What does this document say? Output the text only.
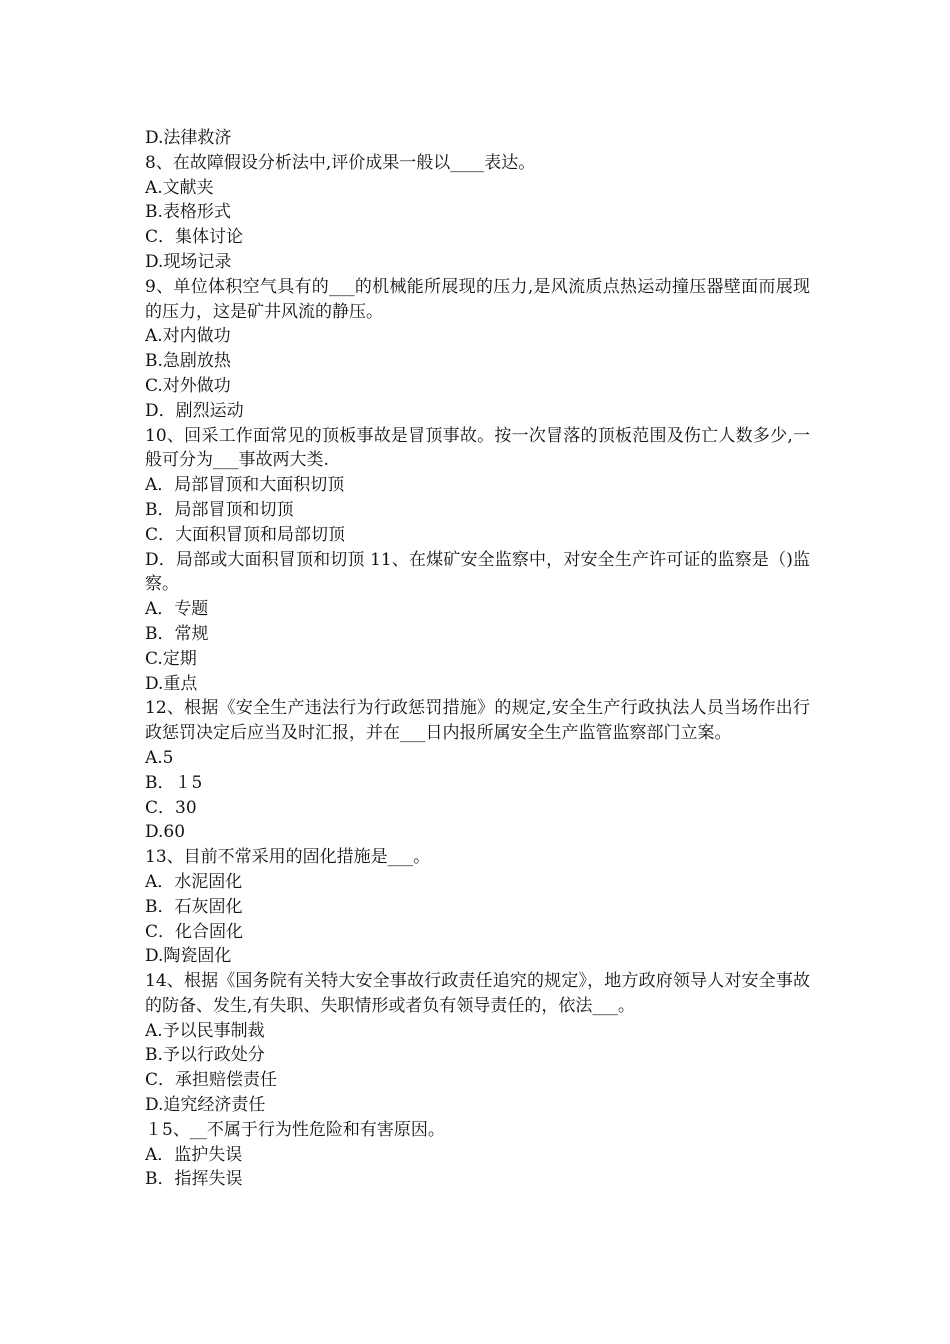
D.法律救济
8、在故障假设分析法中,评价成果一般以____表达。
A.文献夹
B.表格形式
C．集体讨论
D.现场记录
9、单位体积空气具有的___的机械能所展现的压力,是风流质点热运动撞压器壁面而展现的压力，这是矿井风流的静压。
A.对内做功
B.急剧放热
C.对外做功
D．剧烈运动
10、回采工作面常见的顶板事故是冒顶事故。按一次冒落的顶板范围及伤亡人数多少,一般可分为___事故两大类.
A．局部冒顶和大面积切顶
B．局部冒顶和切顶
C．大面积冒顶和局部切顶
D．局部或大面积冒顶和切顶 11、在煤矿安全监察中，对安全生产许可证的监察是（)监察。
A．专题
B．常规
C.定期
D.重点
12、根据《安全生产违法行为行政惩罚措施》的规定,安全生产行政执法人员当场作出行政惩罚决定后应当及时汇报，并在___日内报所属安全生产监管监察部门立案。
A.5
B．１5
C．30
D.60
13、目前不常采用的固化措施是___。
A．水泥固化
B．石灰固化
C．化合固化
D.陶瓷固化
14、根据《国务院有关特大安全事故行政责任追究的规定》，地方政府领导人对安全事故的防备、发生,有失职、失职情形或者负有领导责任的，依法___。
A.予以民事制裁
B.予以行政处分
C．承担赔偿责任
D.追究经济责任
１5、__不属于行为性危险和有害原因。
A．监护失误
B．指挥失误
